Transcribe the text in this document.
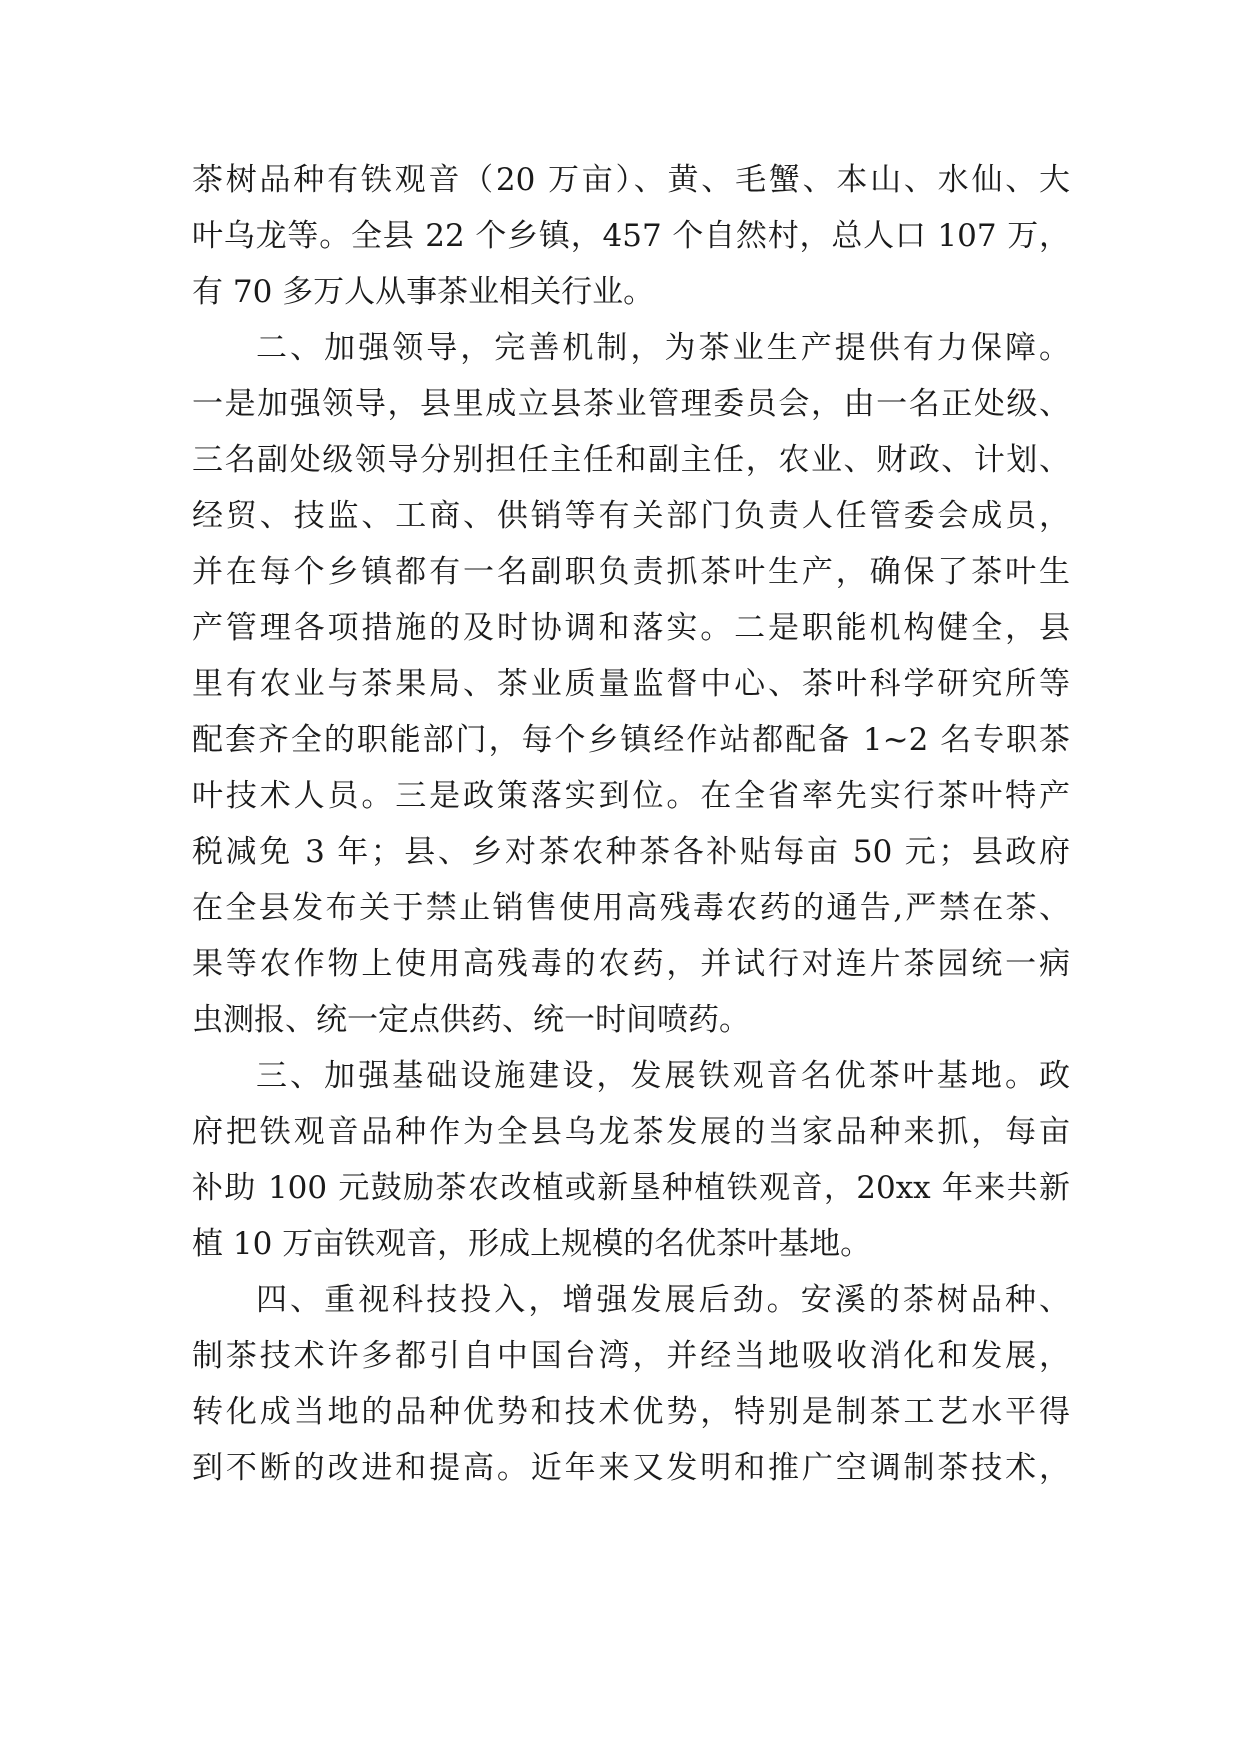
茶树品种有铁观音（20 万亩）、黄、毛蟹、本山、水仙、大
叶乌龙等。全县 22 个乡镇，457 个自然村，总人口 107 万，
有 70 多万人从事茶业相关行业。
二、加强领导，完善机制，为茶业生产提供有力保障。
一是加强领导，县里成立县茶业管理委员会，由一名正处级、
三名副处级领导分别担任主任和副主任，农业、财政、计划、
经贸、技监、工商、供销等有关部门负责人任管委会成员，
并在每个乡镇都有一名副职负责抓茶叶生产，确保了茶叶生
产管理各项措施的及时协调和落实。二是职能机构健全，县
里有农业与茶果局、茶业质量监督中心、茶叶科学研究所等
配套齐全的职能部门，每个乡镇经作站都配备 1~2 名专职茶
叶技术人员。三是政策落实到位。在全省率先实行茶叶特产
税减免 3 年；县、乡对茶农种茶各补贴每亩 50 元；县政府
在全县发布关于禁止销售使用高残毒农药的通告,严禁在茶、
果等农作物上使用高残毒的农药，并试行对连片茶园统一病
虫测报、统一定点供药、统一时间喷药。
三、加强基础设施建设，发展铁观音名优茶叶基地。政
府把铁观音品种作为全县乌龙茶发展的当家品种来抓，每亩
补助 100 元鼓励茶农改植或新垦种植铁观音，20xx 年来共新
植 10 万亩铁观音，形成上规模的名优茶叶基地。
四、重视科技投入，增强发展后劲。安溪的茶树品种、
制茶技术许多都引自中国台湾，并经当地吸收消化和发展，
转化成当地的品种优势和技术优势，特别是制茶工艺水平得
到不断的改进和提高。近年来又发明和推广空调制茶技术，
